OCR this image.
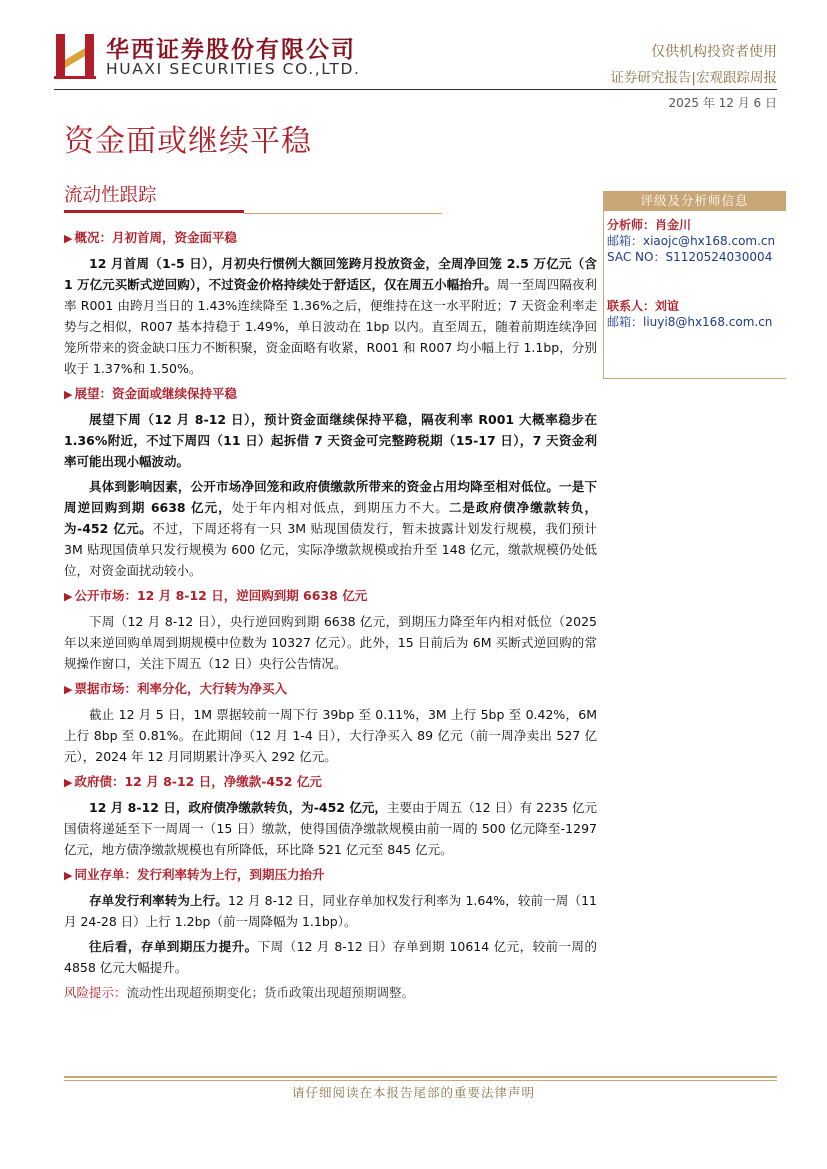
华西证券股份有限公司
HUAXI SECURITIES CO.,LTD.
仅供机构投资者使用
证券研究报告|宏观跟踪周报
2025 年 12 月 6 日
资金面或继续平稳
流动性跟踪

▶ 概况：月初首周，资金面平稳

12 月首周（1-5 日），月初央行惯例大额回笼跨月投放资金，全周净回笼 2.5 万亿元（含 1 万亿元买断式逆回购），不过资金价格持续处于舒适区，仅在周五小幅抬升。周一至周四隔夜利率 R001 由跨月当日的 1.43%连续降至 1.36%之后，便维持在这一水平附近；7 天资金利率走势与之相似，R007 基本持稳于 1.49%，单日波动在 1bp 以内。直至周五，随着前期连续净回笼所带来的资金缺口压力不断积聚，资金面略有收紧，R001 和 R007 均小幅上行 1.1bp，分别收于 1.37%和 1.50%。

▶ 展望：资金面或继续保持平稳

展望下周（12 月 8-12 日），预计资金面继续保持平稳，隔夜利率 R001 大概率稳步在 1.36%附近，不过下周四（11 日）起拆借 7 天资金可完整跨税期（15-17 日），7 天资金利率可能出现小幅波动。

具体到影响因素，公开市场净回笼和政府债缴款所带来的资金占用均降至相对低位。一是下周逆回购到期 6638 亿元，处于年内相对低点，到期压力不大。二是政府债净缴款转负，为-452 亿元。不过，下周还将有一只 3M 贴现国债发行，暂未披露计划发行规模，我们预计 3M 贴现国债单只发行规模为 600 亿元，实际净缴款规模或抬升至 148 亿元，缴款规模仍处低位，对资金面扰动较小。

▶ 公开市场：12 月 8-12 日，逆回购到期 6638 亿元

下周（12 月 8-12 日），央行逆回购到期 6638 亿元，到期压力降至年内相对低位（2025 年以来逆回购单周到期规模中位数为 10327 亿元）。此外，15 日前后为 6M 买断式逆回购的常规操作窗口，关注下周五（12 日）央行公告情况。

▶ 票据市场：利率分化，大行转为净买入

截止 12 月 5 日，1M 票据较前一周下行 39bp 至 0.11%，3M 上行 5bp 至 0.42%，6M 上行 8bp 至 0.81%。在此期间（12 月 1-4 日），大行净买入 89 亿元（前一周净卖出 527 亿元），2024 年 12 月同期累计净买入 292 亿元。

▶ 政府债：12 月 8-12 日，净缴款-452 亿元

12 月 8-12 日，政府债净缴款转负，为-452 亿元，主要由于周五（12 日）有 2235 亿元国债将递延至下一周周一（15 日）缴款，使得国债净缴款规模由前一周的 500 亿元降至-1297 亿元，地方债净缴款规模也有所降低，环比降 521 亿元至 845 亿元。

▶ 同业存单：发行利率转为上行，到期压力抬升

存单发行利率转为上行。12 月 8-12 日，同业存单加权发行利率为 1.64%，较前一周（11 月 24-28 日）上行 1.2bp（前一周降幅为 1.1bp）。

往后看，存单到期压力提升。下周（12 月 8-12 日）存单到期 10614 亿元，较前一周的 4858 亿元大幅提升。

风险提示：流动性出现超预期变化；货币政策出现超预期调整。

评级及分析师信息
分析师：肖金川
邮箱：xiaojc@hx168.com.cn
SAC NO：S1120524030004
联系人：刘谊
邮箱：liuyi8@hx168.com.cn
请仔细阅读在本报告尾部的重要法律声明
